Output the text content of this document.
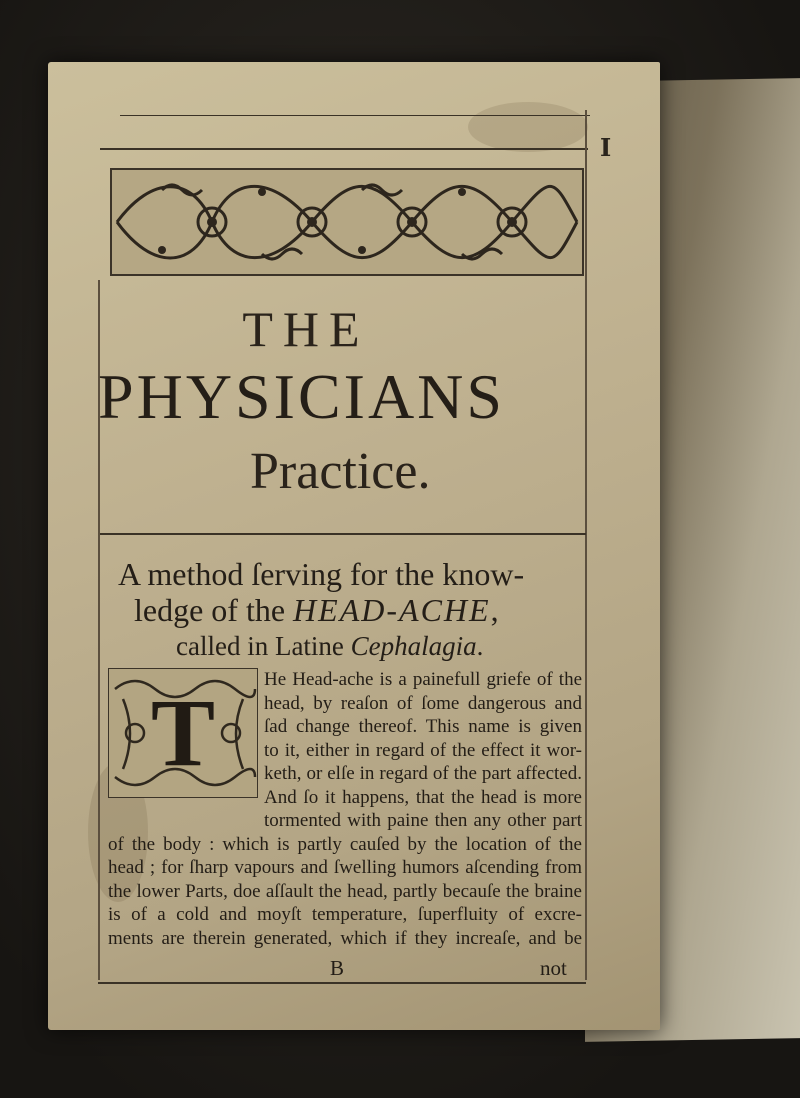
I
THE
PHYSICIANS
Practice.
A method ſerving for the know-
ledge of the HEAD-ACHE,
called in Latine Cephalagia.
He Head-ache is a painefull griefe of the
head, by reaſon of ſome dangerous and
ſad change thereof. This name is given
to it, either in regard of the effect it wor-
keth, or elſe in regard of the part affected.
And ſo it happens, that the head is more
tormented with paine then any other part
of the body : which is partly cauſed by the location of the
head ; for ſharp vapours and ſwelling humors aſcending from
the lower Parts, doe aſſault the head, partly becauſe the braine
is of a cold and moyſt temperature, ſuperfluity of excre-
ments are therein generated, which if they increaſe, and be
T
B	not
